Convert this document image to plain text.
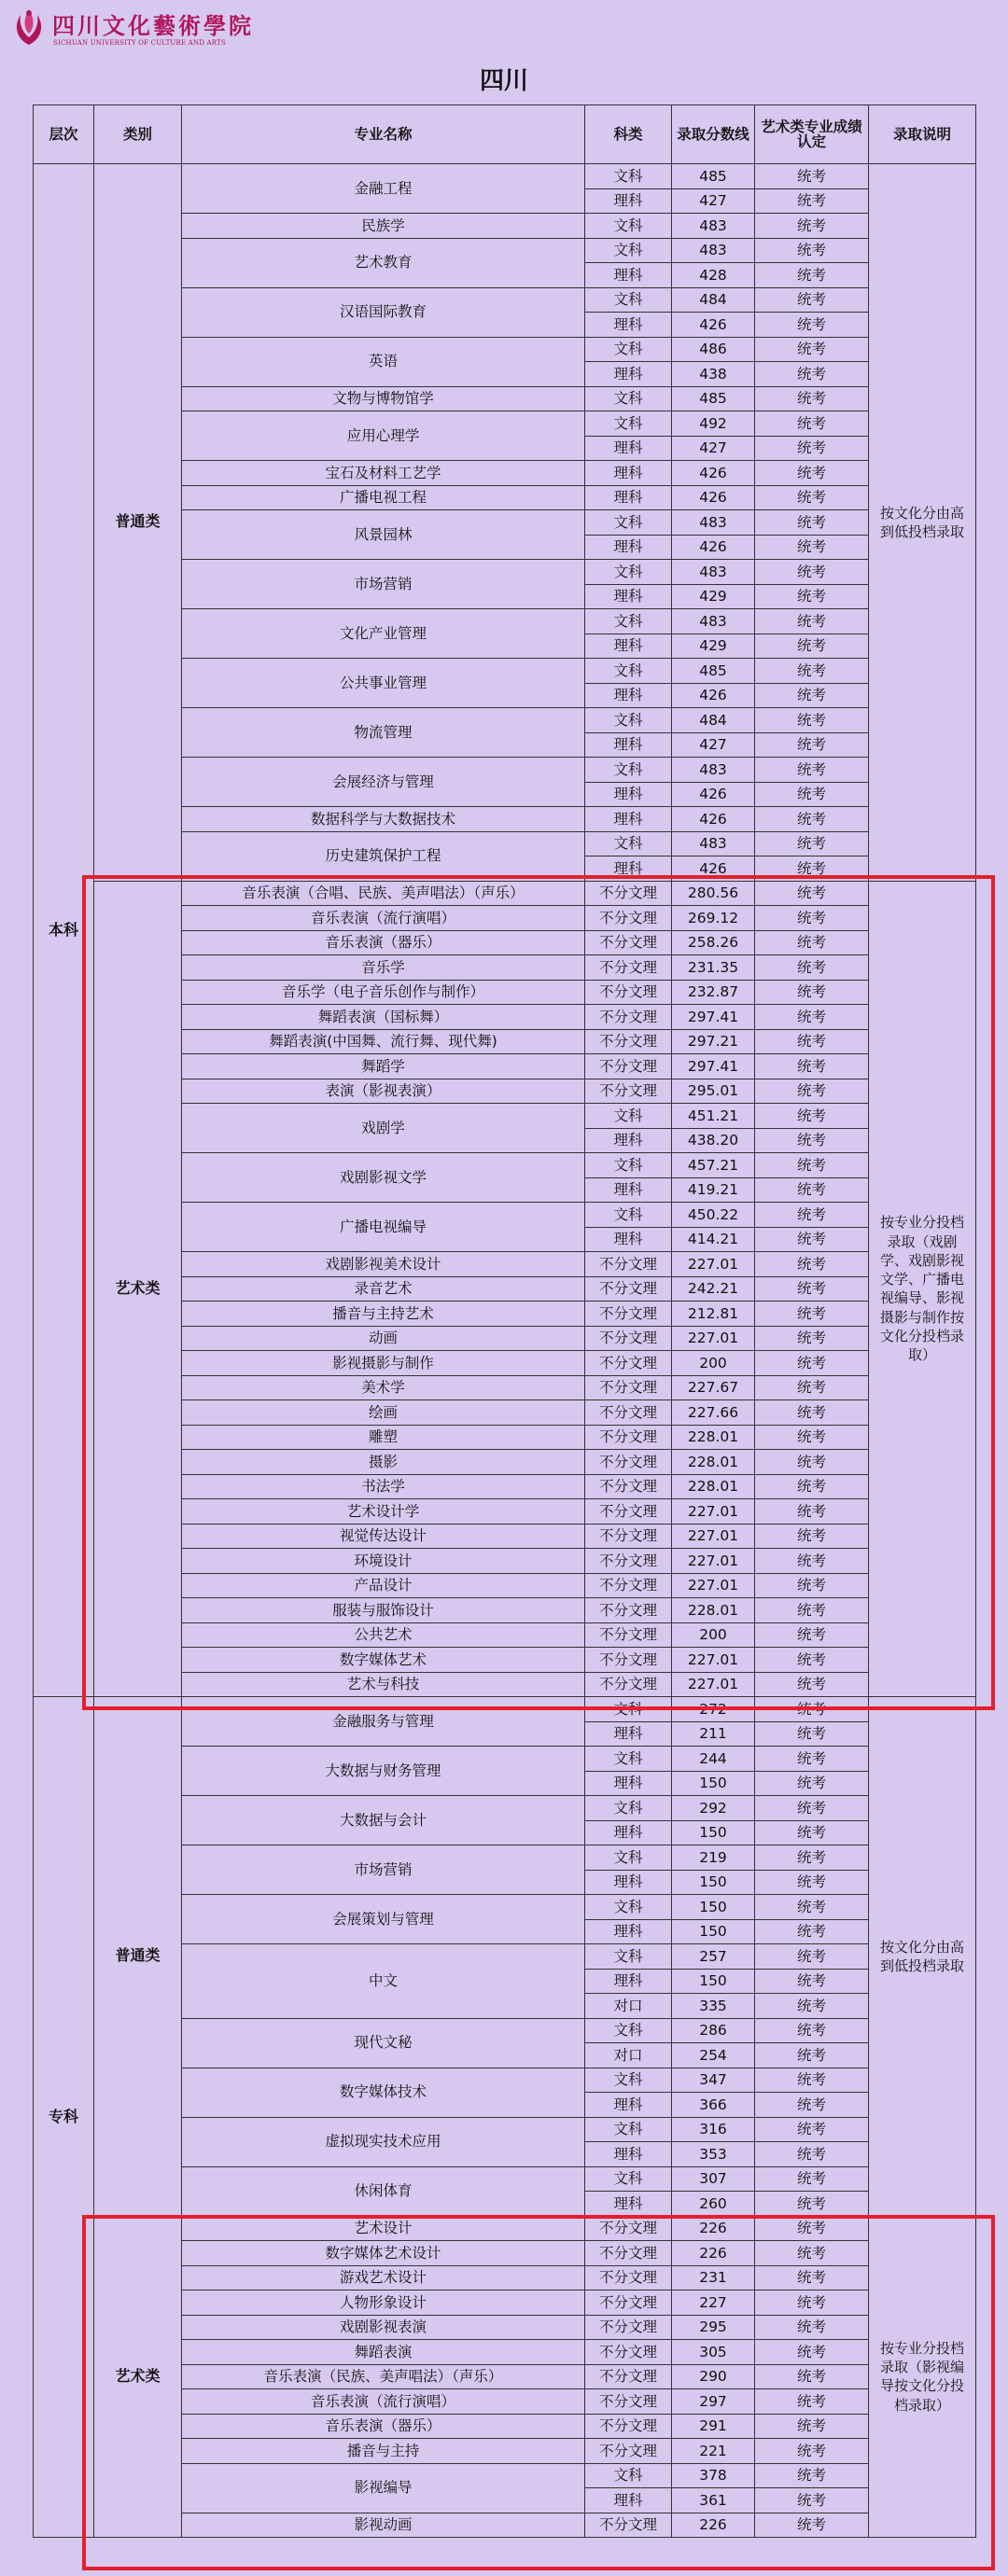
四川文化藝術學院
SICHUAN UNIVERSITY OF CULTURE AND ARTS
四川
层次	类别	专业名称	科类	录取分数线	艺术类专业成绩认定	录取说明
本科	普通类	金融工程	文科	485	统考	按文化分由高到低投档录取
			理科	427	统考	
		民族学	文科	483	统考	
		艺术教育	文科	483	统考	
			理科	428	统考	
		汉语国际教育	文科	484	统考	
			理科	426	统考	
		英语	文科	486	统考	
			理科	438	统考	
		文物与博物馆学	文科	485	统考	
		应用心理学	文科	492	统考	
			理科	427	统考	
		宝石及材料工艺学	理科	426	统考	
		广播电视工程	理科	426	统考	
		风景园林	文科	483	统考	
			理科	426	统考	
		市场营销	文科	483	统考	
			理科	429	统考	
		文化产业管理	文科	483	统考	
			理科	429	统考	
		公共事业管理	文科	485	统考	
			理科	426	统考	
		物流管理	文科	484	统考	
			理科	427	统考	
		会展经济与管理	文科	483	统考	
			理科	426	统考	
		数据科学与大数据技术	理科	426	统考	
		历史建筑保护工程	文科	483	统考	
			理科	426	统考	
	艺术类	音乐表演（合唱、民族、美声唱法）（声乐）	不分文理	280.56	统考	按专业分投档录取（戏剧学、戏剧影视文学、广播电视编导、影视摄影与制作按文化分投档录取）
		音乐表演（流行演唱）	不分文理	269.12	统考	
		音乐表演（器乐）	不分文理	258.26	统考	
		音乐学	不分文理	231.35	统考	
		音乐学（电子音乐创作与制作）	不分文理	232.87	统考	
		舞蹈表演（国标舞）	不分文理	297.41	统考	
		舞蹈表演(中国舞、流行舞、现代舞)	不分文理	297.21	统考	
		舞蹈学	不分文理	297.41	统考	
		表演（影视表演）	不分文理	295.01	统考	
		戏剧学	文科	451.21	统考	
			理科	438.20	统考	
		戏剧影视文学	文科	457.21	统考	
			理科	419.21	统考	
		广播电视编导	文科	450.22	统考	
			理科	414.21	统考	
		戏剧影视美术设计	不分文理	227.01	统考	
		录音艺术	不分文理	242.21	统考	
		播音与主持艺术	不分文理	212.81	统考	
		动画	不分文理	227.01	统考	
		影视摄影与制作	不分文理	200	统考	
		美术学	不分文理	227.67	统考	
		绘画	不分文理	227.66	统考	
		雕塑	不分文理	228.01	统考	
		摄影	不分文理	228.01	统考	
		书法学	不分文理	228.01	统考	
		艺术设计学	不分文理	227.01	统考	
		视觉传达设计	不分文理	227.01	统考	
		环境设计	不分文理	227.01	统考	
		产品设计	不分文理	227.01	统考	
		服装与服饰设计	不分文理	228.01	统考	
		公共艺术	不分文理	200	统考	
		数字媒体艺术	不分文理	227.01	统考	
		艺术与科技	不分文理	227.01	统考	
专科	普通类	金融服务与管理	文科	272	统考	按文化分由高到低投档录取
			理科	211	统考	
		大数据与财务管理	文科	244	统考	
			理科	150	统考	
		大数据与会计	文科	292	统考	
			理科	150	统考	
		市场营销	文科	219	统考	
			理科	150	统考	
		会展策划与管理	文科	150	统考	
			理科	150	统考	
		中文	文科	257	统考	
			理科	150	统考	
			对口	335	统考	
		现代文秘	文科	286	统考	
			对口	254	统考	
		数字媒体技术	文科	347	统考	
			理科	366	统考	
		虚拟现实技术应用	文科	316	统考	
			理科	353	统考	
		休闲体育	文科	307	统考	
			理科	260	统考	
	艺术类	艺术设计	不分文理	226	统考	按专业分投档录取（影视编导按文化分投档录取）
		数字媒体艺术设计	不分文理	226	统考	
		游戏艺术设计	不分文理	231	统考	
		人物形象设计	不分文理	227	统考	
		戏剧影视表演	不分文理	295	统考	
		舞蹈表演	不分文理	305	统考	
		音乐表演（民族、美声唱法）（声乐）	不分文理	290	统考	
		音乐表演（流行演唱）	不分文理	297	统考	
		音乐表演（器乐）	不分文理	291	统考	
		播音与主持	不分文理	221	统考	
		影视编导	文科	378	统考	
			理科	361	统考	
		影视动画	不分文理	226	统考	
